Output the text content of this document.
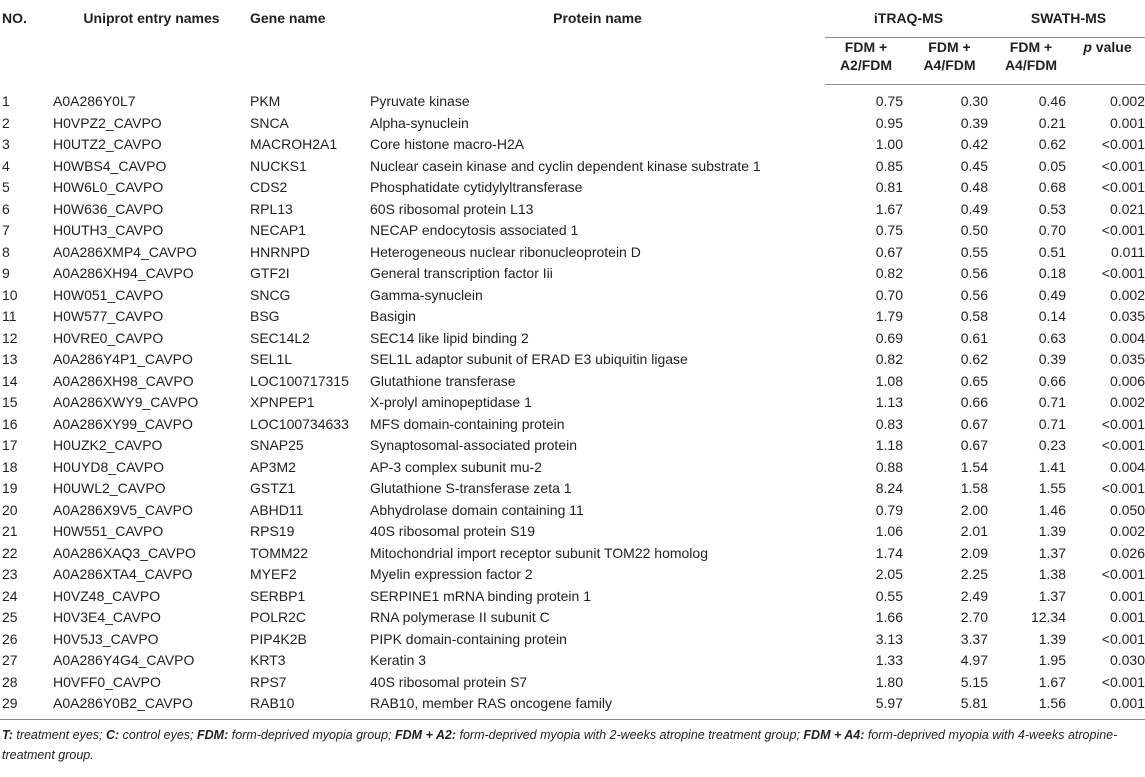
NO.	Uniprot entry names	Gene name	Protein name	iTRAQ-MS		SWATH-MS	
				FDM + A2/FDM	FDM + A4/FDM	FDM + A4/FDM	p value
1	A0A286Y0L7	PKM	Pyruvate kinase	0.75	0.30	0.46	0.002
2	H0VPZ2_CAVPO	SNCA	Alpha-synuclein	0.95	0.39	0.21	0.001
3	H0UTZ2_CAVPO	MACROH2A1	Core histone macro-H2A	1.00	0.42	0.62	<0.001
4	H0WBS4_CAVPO	NUCKS1	Nuclear casein kinase and cyclin dependent kinase substrate 1	0.85	0.45	0.05	<0.001
5	H0W6L0_CAVPO	CDS2	Phosphatidate cytidylyltransferase	0.81	0.48	0.68	<0.001
6	H0W636_CAVPO	RPL13	60S ribosomal protein L13	1.67	0.49	0.53	0.021
7	H0UTH3_CAVPO	NECAP1	NECAP endocytosis associated 1	0.75	0.50	0.70	<0.001
8	A0A286XMP4_CAVPO	HNRNPD	Heterogeneous nuclear ribonucleoprotein D	0.67	0.55	0.51	0.011
9	A0A286XH94_CAVPO	GTF2I	General transcription factor Iii	0.82	0.56	0.18	<0.001
10	H0W051_CAVPO	SNCG	Gamma-synuclein	0.70	0.56	0.49	0.002
11	H0W577_CAVPO	BSG	Basigin	1.79	0.58	0.14	0.035
12	H0VRE0_CAVPO	SEC14L2	SEC14 like lipid binding 2	0.69	0.61	0.63	0.004
13	A0A286Y4P1_CAVPO	SEL1L	SEL1L adaptor subunit of ERAD E3 ubiquitin ligase	0.82	0.62	0.39	0.035
14	A0A286XH98_CAVPO	LOC100717315	Glutathione transferase	1.08	0.65	0.66	0.006
15	A0A286XWY9_CAVPO	XPNPEP1	X-prolyl aminopeptidase 1	1.13	0.66	0.71	0.002
16	A0A286XY99_CAVPO	LOC100734633	MFS domain-containing protein	0.83	0.67	0.71	<0.001
17	H0UZK2_CAVPO	SNAP25	Synaptosomal-associated protein	1.18	0.67	0.23	<0.001
18	H0UYD8_CAVPO	AP3M2	AP-3 complex subunit mu-2	0.88	1.54	1.41	0.004
19	H0UWL2_CAVPO	GSTZ1	Glutathione S-transferase zeta 1	8.24	1.58	1.55	<0.001
20	A0A286X9V5_CAVPO	ABHD11	Abhydrolase domain containing 11	0.79	2.00	1.46	0.050
21	H0W551_CAVPO	RPS19	40S ribosomal protein S19	1.06	2.01	1.39	0.002
22	A0A286XAQ3_CAVPO	TOMM22	Mitochondrial import receptor subunit TOM22 homolog	1.74	2.09	1.37	0.026
23	A0A286XTA4_CAVPO	MYEF2	Myelin expression factor 2	2.05	2.25	1.38	<0.001
24	H0VZ48_CAVPO	SERBP1	SERPINE1 mRNA binding protein 1	0.55	2.49	1.37	0.001
25	H0V3E4_CAVPO	POLR2C	RNA polymerase II subunit C	1.66	2.70	12.34	0.001
26	H0V5J3_CAVPO	PIP4K2B	PIPK domain-containing protein	3.13	3.37	1.39	<0.001
27	A0A286Y4G4_CAVPO	KRT3	Keratin 3	1.33	4.97	1.95	0.030
28	H0VFF0_CAVPO	RPS7	40S ribosomal protein S7	1.80	5.15	1.67	<0.001
29	A0A286Y0B2_CAVPO	RAB10	RAB10, member RAS oncogene family	5.97	5.81	1.56	0.001
T: treatment eyes; C: control eyes; FDM: form-deprived myopia group; FDM + A2: form-deprived myopia with 2-weeks atropine treatment group; FDM + A4: form-deprived myopia with 4-weeks atropine-treatment group.
